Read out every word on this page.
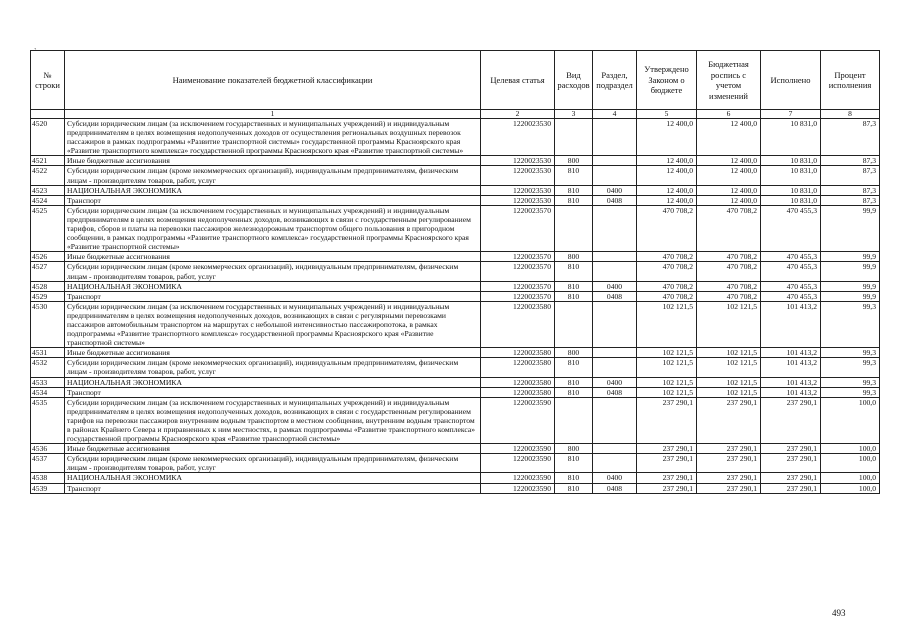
`
№ строки	Наименование показателей бюджетной классификации	Целевая статья	Вид расходов	Раздел, подраздел	Утверждено Законом о бюджете	Бюджетная роспись с учетом изменений	Исполнено	Процент исполнения
	1	2	3	4	5	6	7	8
4520	Субсидии юридическим лицам (за исключением государственных и муниципальных учреждений) и индивидуальным предпринимателям в целях возмещения недополученных доходов от осуществления региональных воздушных перевозок пассажиров в рамках подпрограммы «Развитие транспортной системы» государственной программы Красноярского края «Развитие транспортного комплекса» государственной программы Красноярского края «Развитие транспортной системы»	1220023530			12 400,0	12 400,0	10 831,0	87,3
4521	Иные бюджетные ассигнования	1220023530	800		12 400,0	12 400,0	10 831,0	87,3
4522	Субсидии юридическим лицам (кроме некоммерческих организаций), индивидуальным предпринимателям, физическим лицам - производителям товаров, работ, услуг	1220023530	810		12 400,0	12 400,0	10 831,0	87,3
4523	НАЦИОНАЛЬНАЯ ЭКОНОМИКА	1220023530	810	0400	12 400,0	12 400,0	10 831,0	87,3
4524	Транспорт	1220023530	810	0408	12 400,0	12 400,0	10 831,0	87,3
4525	Субсидии юридическим лицам (за исключением государственных и муниципальных учреждений) и индивидуальным предпринимателям в целях возмещения недополученных доходов, возникающих в связи с государственным регулированием тарифов, сборов и платы на перевозки пассажиров железнодорожным транспортом общего пользования в пригородном сообщении, в рамках подпрограммы «Развитие транспортного комплекса» государственной программы Красноярского края «Развитие транспортной системы»	1220023570			470 708,2	470 708,2	470 455,3	99,9
4526	Иные бюджетные ассигнования	1220023570	800		470 708,2	470 708,2	470 455,3	99,9
4527	Субсидии юридическим лицам (кроме некоммерческих организаций), индивидуальным предпринимателям, физическим лицам - производителям товаров, работ, услуг	1220023570	810		470 708,2	470 708,2	470 455,3	99,9
4528	НАЦИОНАЛЬНАЯ ЭКОНОМИКА	1220023570	810	0400	470 708,2	470 708,2	470 455,3	99,9
4529	Транспорт	1220023570	810	0408	470 708,2	470 708,2	470 455,3	99,9
4530	Субсидии юридическим лицам (за исключением государственных и муниципальных учреждений) и индивидуальным предпринимателям в целях возмещения недополученных доходов, возникающих в связи с регулярными перевозками пассажиров автомобильным транспортом на маршрутах с небольшой интенсивностью пассажиропотока, в рамках подпрограммы «Развитие транспортного комплекса» государственной программы Красноярского края «Развитие транспортной системы»	1220023580			102 121,5	102 121,5	101 413,2	99,3
4531	Иные бюджетные ассигнования	1220023580	800		102 121,5	102 121,5	101 413,2	99,3
4532	Субсидии юридическим лицам (кроме некоммерческих организаций), индивидуальным предпринимателям, физическим лицам - производителям товаров, работ, услуг	1220023580	810		102 121,5	102 121,5	101 413,2	99,3
4533	НАЦИОНАЛЬНАЯ ЭКОНОМИКА	1220023580	810	0400	102 121,5	102 121,5	101 413,2	99,3
4534	Транспорт	1220023580	810	0408	102 121,5	102 121,5	101 413,2	99,3
4535	Субсидии юридическим лицам (за исключением государственных и муниципальных учреждений) и индивидуальным предпринимателям в целях возмещения недополученных доходов, возникающих в связи с государственным регулированием тарифов на перевозки пассажиров внутренним водным транспортом в местном сообщении, внутренним водным транспортом в районах Крайнего Севера и приравненных к ним местностях, в рамках подпрограммы «Развитие транспортного комплекса» государственной программы Красноярского края «Развитие транспортной системы»	1220023590			237 290,1	237 290,1	237 290,1	100,0
4536	Иные бюджетные ассигнования	1220023590	800		237 290,1	237 290,1	237 290,1	100,0
4537	Субсидии юридическим лицам (кроме некоммерческих организаций), индивидуальным предпринимателям, физическим лицам - производителям товаров, работ, услуг	1220023590	810		237 290,1	237 290,1	237 290,1	100,0
4538	НАЦИОНАЛЬНАЯ ЭКОНОМИКА	1220023590	810	0400	237 290,1	237 290,1	237 290,1	100,0
4539	Транспорт	1220023590	810	0408	237 290,1	237 290,1	237 290,1	100,0
493
